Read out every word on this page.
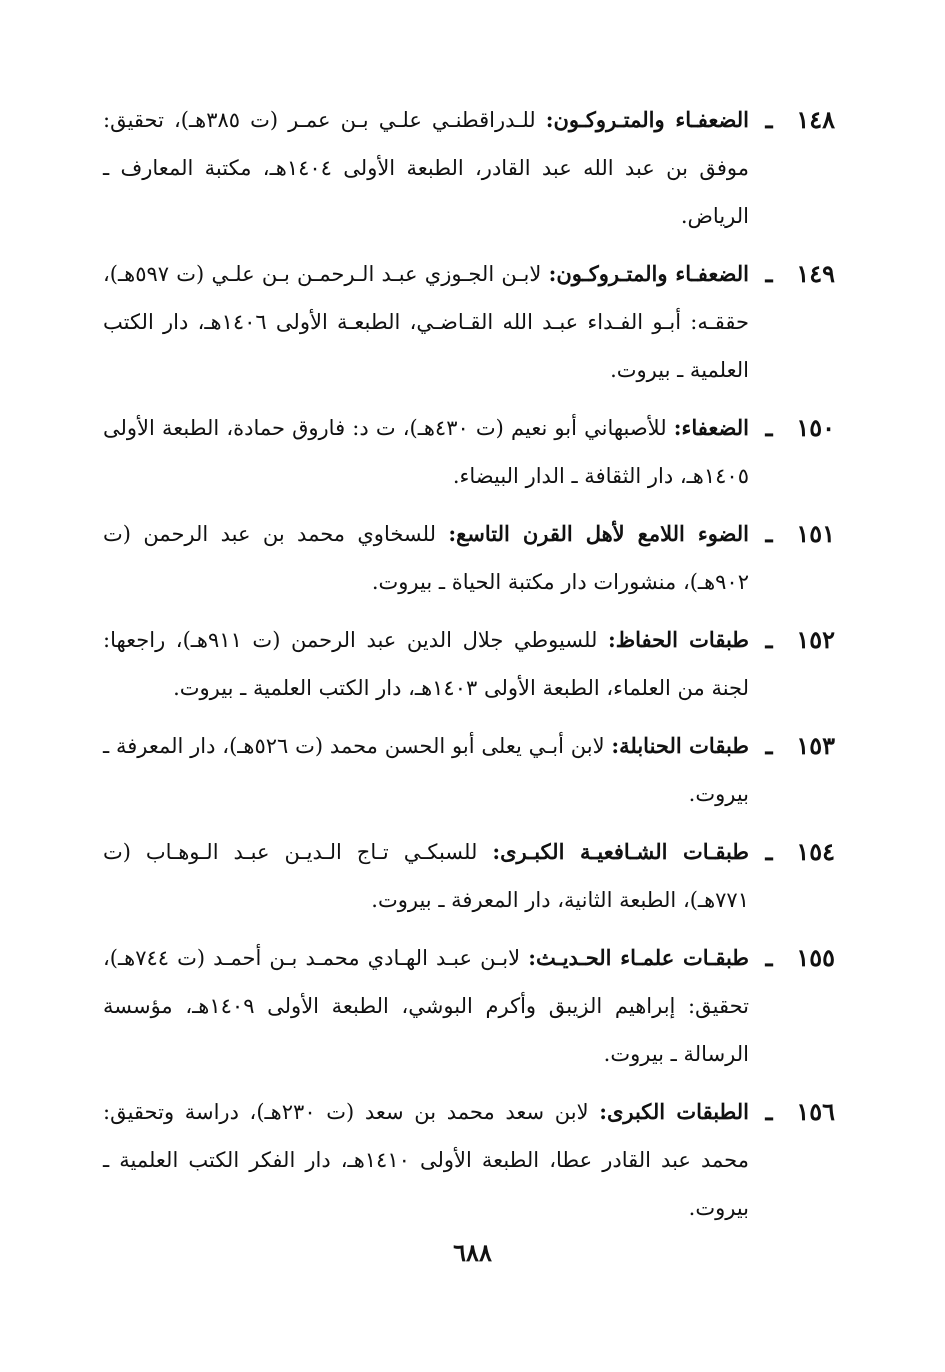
١٤٨
ـ
الضعفـاء والمتـروكـون: للـدراقطنـي علـي بـن عمـر (ت ٣٨٥هـ)، تحقيق: موفق بن عبد الله عبد القادر، الطبعة الأولى ١٤٠٤هـ، مكتبة المعارف ـ الرياض.
١٤٩
ـ
الضعفـاء والمتـروكـون: لابـن الجـوزي عبـد الـرحمـن بـن علـي (ت ٥٩٧هـ)، حققـه: أبـو الفـداء عبـد الله القـاضـي، الطبعـة الأولى ١٤٠٦هـ، دار الكتب العلمية ـ بيروت.
١٥٠
ـ
الضعفاء: للأصبهاني أبو نعيم (ت ٤٣٠هـ)، ت د: فاروق حمادة، الطبعة الأولى ١٤٠٥هـ، دار الثقافة ـ الدار البيضاء.
١٥١
ـ
الضوء اللامع لأهل القرن التاسع: للسخاوي محمد بن عبد الرحمن (ت ٩٠٢هـ)، منشورات دار مكتبة الحياة ـ بيروت.
١٥٢
ـ
طبقات الحفاظ: للسيوطي جلال الدين عبد الرحمن (ت ٩١١هـ)، راجعها: لجنة من العلماء، الطبعة الأولى ١٤٠٣هـ، دار الكتب العلمية ـ بيروت.
١٥٣
ـ
طبقات الحنابلة: لابن أبـي يعلى أبو الحسن محمد (ت ٥٢٦هـ)، دار المعرفة ـ بيروت.
١٥٤
ـ
طبقـات الشـافعيـة الكبـرى: للسبكـي تـاج الـديـن عبـد الـوهـاب (ت ٧٧١هـ)، الطبعة الثانية، دار المعرفة ـ بيروت.
١٥٥
ـ
طبقـات علمـاء الحـديـث: لابـن عبـد الهـادي محمـد بـن أحمـد (ت ٧٤٤هـ)، تحقيق: إبراهيم الزيبق وأكرم البوشي، الطبعة الأولى ١٤٠٩هـ، مؤسسة الرسالة ـ بيروت.
١٥٦
ـ
الطبقات الكبرى: لابن سعد محمد بن سعد (ت ٢٣٠هـ)، دراسة وتحقيق: محمد عبد القادر عطا، الطبعة الأولى ١٤١٠هـ، دار الفكر الكتب العلمية ـ بيروت.
٦٨٨
